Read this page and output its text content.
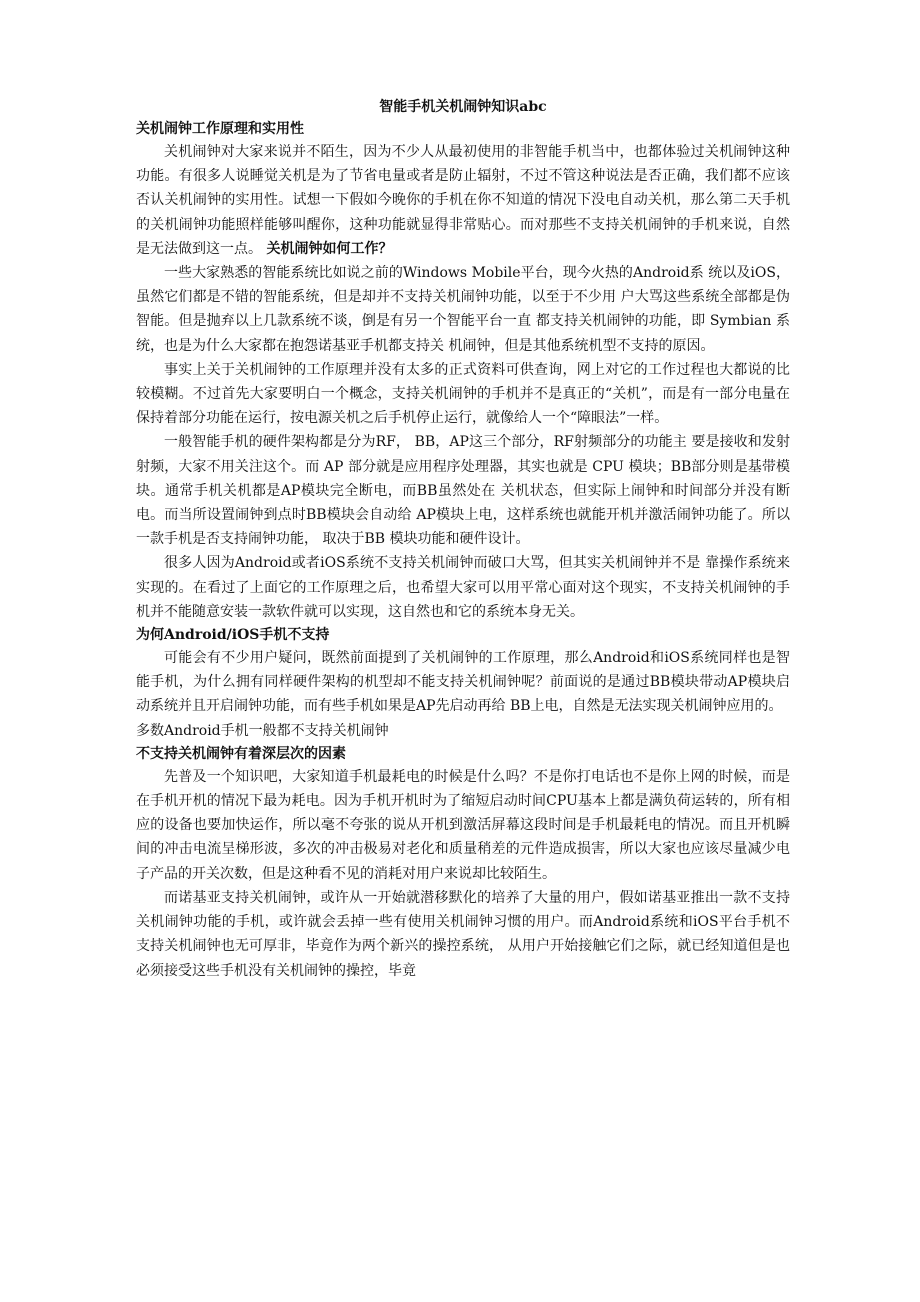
智能手机关机闹钟知识abc

关机闹钟工作原理和实用性

关机闹钟对大家来说并不陌生，因为不少人从最初使用的非智能手机当中，也都体验过关机闹钟这种功能。有很多人说睡觉关机是为了节省电量或者是防止辐射，不过不管这种说法是否正确，我们都不应该否认关机闹钟的实用性。试想一下假如今晚你的手机在你不知道的情况下没电自动关机，那么第二天手机的关机闹钟功能照样能够叫醒你，这种功能就显得非常贴心。而对那些不支持关机闹钟的手机来说，自然是无法做到这一点。 关机闹钟如何工作？

一些大家熟悉的智能系统比如说之前的Windows Mobile平台，现今火热的Android系 统以及iOS，虽然它们都是不错的智能系统，但是却并不支持关机闹钟功能，以至于不少用 户大骂这些系统全部都是伪智能。但是抛弃以上几款系统不谈，倒是有另一个智能平台一直 都支持关机闹钟的功能，即 Symbian 系统，也是为什么大家都在抱怨诺基亚手机都支持关 机闹钟，但是其他系统机型不支持的原因。

事实上关于关机闹钟的工作原理并没有太多的正式资料可供查询，网上对它的工作过程也大都说的比较模糊。不过首先大家要明白一个概念，支持关机闹钟的手机并不是真正的“关机”，而是有一部分电量在保持着部分功能在运行，按电源关机之后手机停止运行，就像给人一个“障眼法”一样。

一般智能手机的硬件架构都是分为RF， BB，AP这三个部分，RF射频部分的功能主 要是接收和发射射频，大家不用关注这个。而 AP 部分就是应用程序处理器，其实也就是 CPU 模块；BB部分则是基带模块。通常手机关机都是AP模块完全断电，而BB虽然处在 关机状态，但实际上闹钟和时间部分并没有断电。而当所设置闹钟到点时BB模块会自动给 AP模块上电，这样系统也就能开机并激活闹钟功能了。所以一款手机是否支持闹钟功能， 取决于BB 模块功能和硬件设计。

很多人因为Android或者iOS系统不支持关机闹钟而破口大骂，但其实关机闹钟并不是 靠操作系统来实现的。在看过了上面它的工作原理之后，也希望大家可以用平常心面对这个现实，不支持关机闹钟的手机并不能随意安装一款软件就可以实现，这自然也和它的系统本身无关。

为何Android/iOS手机不支持

可能会有不少用户疑问，既然前面提到了关机闹钟的工作原理，那么Android和iOS系统同样也是智能手机，为什么拥有同样硬件架构的机型却不能支持关机闹钟呢？前面说的是通过BB模块带动AP模块启动系统并且开启闹钟功能，而有些手机如果是AP先启动再给 BB上电，自然是无法实现关机闹钟应用的。

多数Android手机一般都不支持关机闹钟

不支持关机闹钟有着深层次的因素

先普及一个知识吧，大家知道手机最耗电的时候是什么吗？不是你打电话也不是你上网的时候，而是在手机开机的情况下最为耗电。因为手机开机时为了缩短启动时间CPU基本上都是满负荷运转的，所有相应的设备也要加快运作，所以毫不夸张的说从开机到激活屏幕这段时间是手机最耗电的情况。而且开机瞬间的冲击电流呈梯形波，多次的冲击极易对老化和质量稍差的元件造成损害，所以大家也应该尽量减少电子产品的开关次数，但是这种看不见的消耗对用户来说却比较陌生。

而诺基亚支持关机闹钟，或许从一开始就潜移默化的培养了大量的用户，假如诺基亚推出一款不支持关机闹钟功能的手机，或许就会丢掉一些有使用关机闹钟习惯的用户。而Android系统和iOS平台手机不支持关机闹钟也无可厚非，毕竟作为两个新兴的操控系统， 从用户开始接触它们之际，就已经知道但是也必须接受这些手机没有关机闹钟的操控，毕竟
